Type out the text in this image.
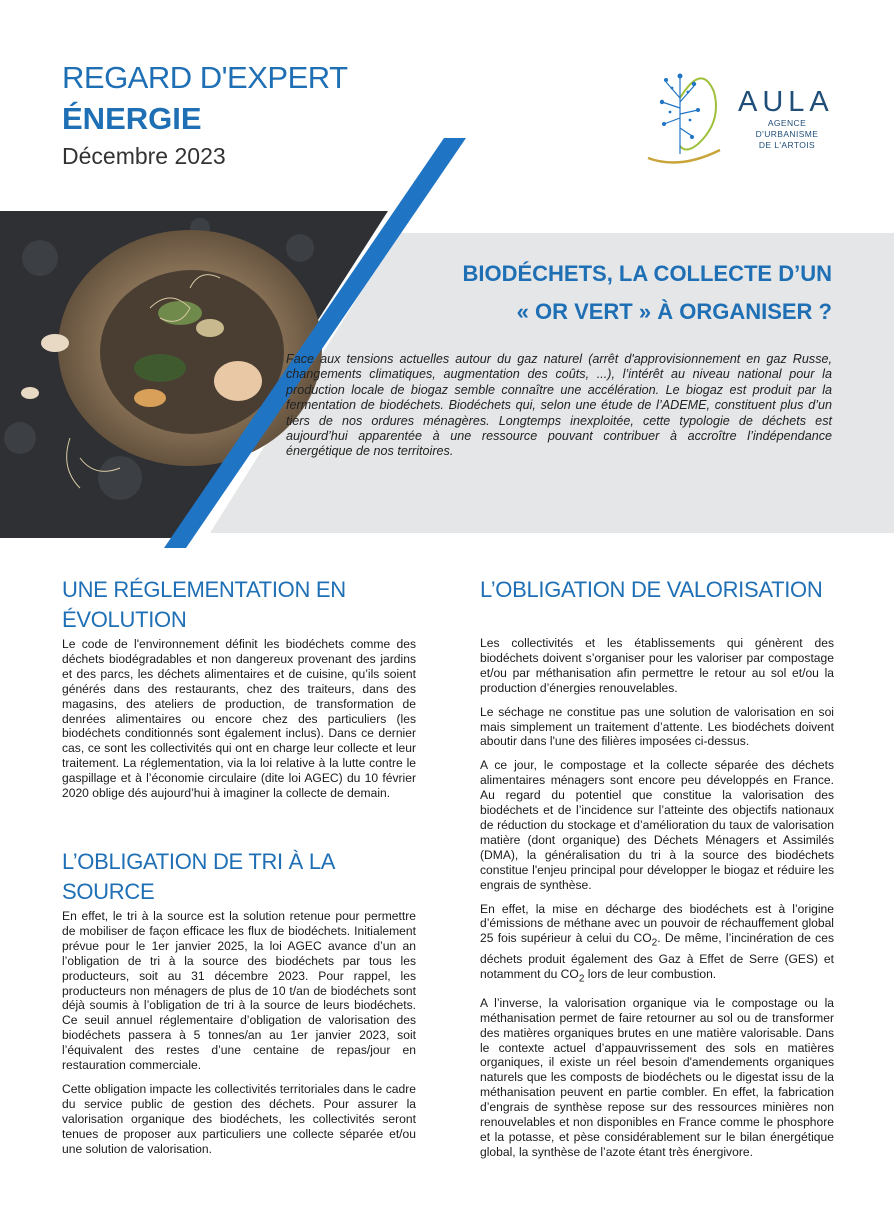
REGARD D'EXPERT
ÉNERGIE
Décembre 2023
AULA
AGENCE D'URBANISME
DE L'ARTOIS
BIODÉCHETS, LA COLLECTE D’UN
« OR VERT » À ORGANISER ?

Face aux tensions actuelles autour du gaz naturel (arrêt d'approvisionnement en gaz Russe, changements climatiques, augmentation des coûts, ...), l’intérêt au niveau national pour la production locale de biogaz semble connaître une accélération. Le biogaz est produit par la fermentation de biodéchets. Biodéchets qui, selon une étude de l’ADEME, constituent plus d’un tiers de nos ordures ménagères. Longtemps inexploitée, cette typologie de déchets est aujourd’hui apparentée à une ressource pouvant contribuer à accroître l’indépendance énergétique de nos territoires.

UNE RÉGLEMENTATION EN ÉVOLUTION

Le code de l'environnement définit les biodéchets comme des déchets biodégradables et non dangereux provenant des jardins et des parcs, les déchets alimentaires et de cuisine, qu’ils soient générés dans des restaurants, chez des traiteurs, dans des magasins, des ateliers de production, de transformation de denrées alimentaires ou encore chez des particuliers (les biodéchets conditionnés sont également inclus). Dans ce dernier cas, ce sont les collectivités qui ont en charge leur collecte et leur traitement. La réglementation, via la loi relative à la lutte contre le gaspillage et à l’économie circulaire (dite loi AGEC) du 10 février 2020 oblige dés aujourd’hui à imaginer la collecte de demain.

L’OBLIGATION DE TRI À LA SOURCE

En effet, le tri à la source est la solution retenue pour permettre de mobiliser de façon efficace les flux de biodéchets. Initialement prévue pour le 1er janvier 2025, la loi AGEC avance d’un an l’obligation de tri à la source des biodéchets par tous les producteurs, soit au 31 décembre 2023. Pour rappel, les producteurs non ménagers de plus de 10 t/an de biodéchets sont déjà soumis à l’obligation de tri à la source de leurs biodéchets. Ce seuil annuel réglementaire d’obligation de valorisation des biodéchets passera à 5 tonnes/an au 1er janvier 2023, soit l’équivalent des restes d’une centaine de repas/jour en restauration commerciale.

Cette obligation impacte les collectivités territoriales dans le cadre du service public de gestion des déchets. Pour assurer la valorisation organique des biodéchets, les collectivités seront tenues de proposer aux particuliers une collecte séparée et/ou une solution de valorisation.

L’OBLIGATION DE VALORISATION

Les collectivités et les établissements qui génèrent des biodéchets doivent s’organiser pour les valoriser par compostage et/ou par méthanisation afin permettre le retour au sol et/ou la production d’énergies renouvelables.

Le séchage ne constitue pas une solution de valorisation en soi mais simplement un traitement d’attente. Les biodéchets doivent aboutir dans l'une des filières imposées ci-dessus.

A ce jour, le compostage et la collecte séparée des déchets alimentaires ménagers sont encore peu développés en France. Au regard du potentiel que constitue la valorisation des biodéchets et de l’incidence sur l’atteinte des objectifs nationaux de réduction du stockage et d’amélioration du taux de valorisation matière (dont organique) des Déchets Ménagers et Assimilés (DMA), la généralisation du tri à la source des biodéchets constitue l'enjeu principal pour développer le biogaz et réduire les engrais de synthèse.

En effet, la mise en décharge des biodéchets est à l’origine d’émissions de méthane avec un pouvoir de réchauffement global 25 fois supérieur à celui du $CO_2$. De même, l’incinération de ces déchets produit également des Gaz à Effet de Serre (GES) et notamment du $CO_2$ lors de leur combustion.

A l’inverse, la valorisation organique via le compostage ou la méthanisation permet de faire retourner au sol ou de transformer des matières organiques brutes en une matière valorisable. Dans le contexte actuel d’appauvrissement des sols en matières organiques, il existe un réel besoin d'amendements organiques naturels que les composts de biodéchets ou le digestat issu de la méthanisation peuvent en partie combler. En effet, la fabrication d’engrais de synthèse repose sur des ressources minières non renouvelables et non disponibles en France comme le phosphore et la potasse, et pèse considérablement sur le bilan énergétique global, la synthèse de l’azote étant très énergivore.
